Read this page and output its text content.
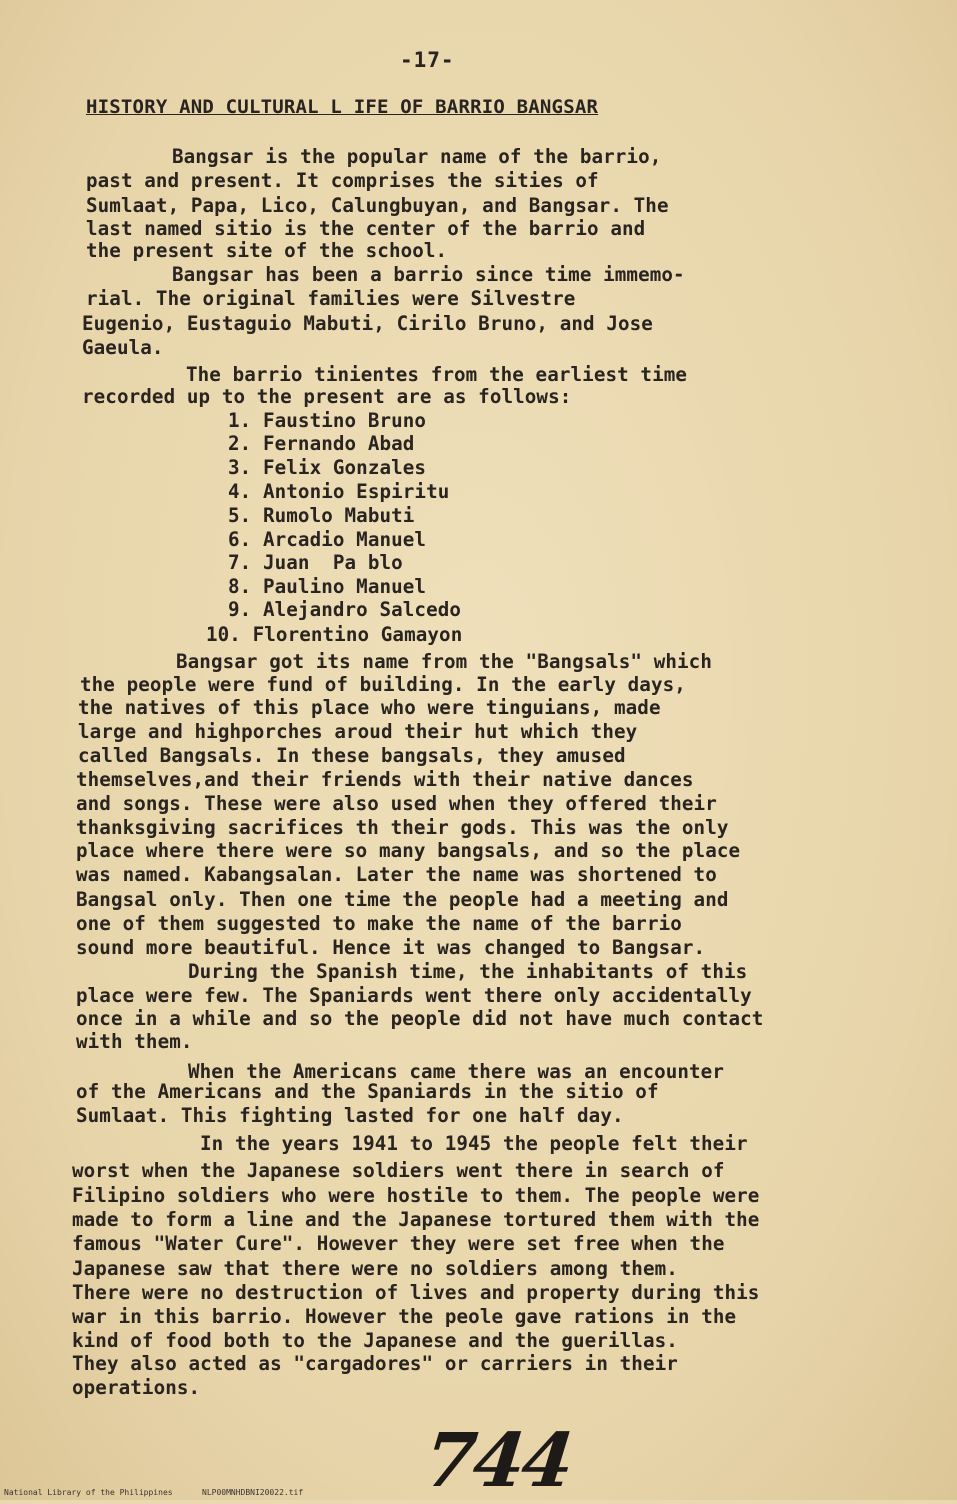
-17-
HISTORY AND CULTURAL L IFE OF BARRIO BANGSAR
Bangsar is the popular name of the barrio,
past and present. It comprises the sities of
Sumlaat, Papa, Lico, Calungbuyan, and Bangsar. The
last named sitio is the center of the barrio and
the present site of the school.
Bangsar has been a barrio since time immemo-
rial. The original families were Silvestre
Eugenio, Eustaguio Mabuti, Cirilo Bruno, and Jose
Gaeula.
The barrio tinientes from the earliest time
recorded up to the present are as follows:
1. Faustino Bruno
2. Fernando Abad
3. Felix Gonzales
4. Antonio Espiritu
5. Rumolo Mabuti
6. Arcadio Manuel
7. Juan  Pa blo
8. Paulino Manuel
9. Alejandro Salcedo
10. Florentino Gamayon
Bangsar got its name from the "Bangsals" which
the people were fund of building. In the early days,
the natives of this place who were tinguians, made
large and highporches aroud their hut which they
called Bangsals. In these bangsals, they amused
themselves,and their friends with their native dances
and songs. These were also used when they offered their
thanksgiving sacrifices th their gods. This was the only
place where there were so many bangsals, and so the place
was named. Kabangsalan. Later the name was shortened to
Bangsal only. Then one time the people had a meeting and
one of them suggested to make the name of the barrio
sound more beautiful. Hence it was changed to Bangsar.
During the Spanish time, the inhabitants of this
place were few. The Spaniards went there only accidentally
once in a while and so the people did not have much contact
with them.
When the Americans came there was an encounter
of the Americans and the Spaniards in the sitio of
Sumlaat. This fighting lasted for one half day.
In the years 1941 to 1945 the people felt their
worst when the Japanese soldiers went there in search of
Filipino soldiers who were hostile to them. The people were
made to form a line and the Japanese tortured them with the
famous "Water Cure". However they were set free when the
Japanese saw that there were no soldiers among them.
There were no destruction of lives and property during this
war in this barrio. However the peole gave rations in the
kind of food both to the Japanese and the guerillas.
They also acted as "cargadores" or carriers in their
operations.
744
National Library of the Philippines	NLP00MNHDBNI20022.tif
